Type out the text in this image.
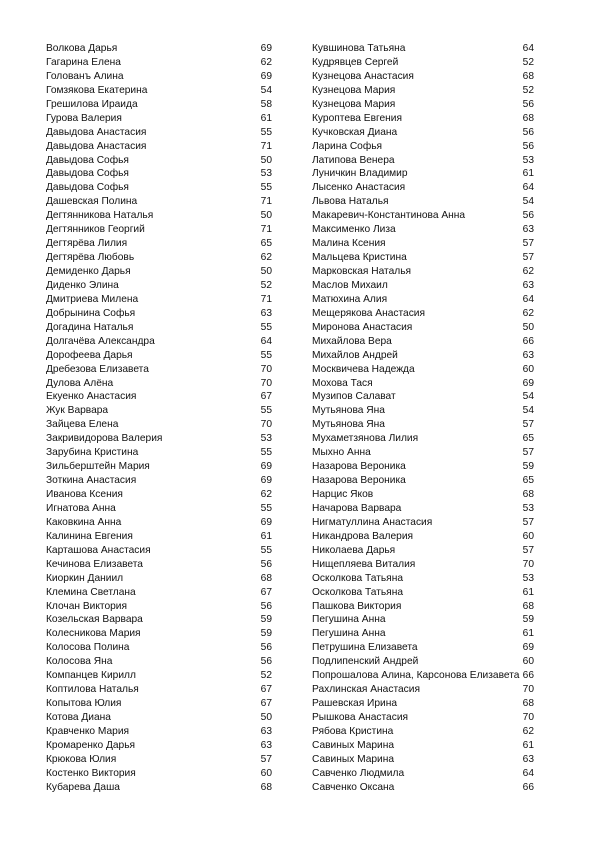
Волкова Дарья	69
Гагарина Елена	62
Голованъ Алина	69
Гомзякова Екатерина	54
Грешилова Ираида	58
Гурова Валерия	61
Давыдова Анастасия	55
Давыдова Анастасия	71
Давыдова Софья	50
Давыдова Софья	53
Давыдова Софья	55
Дашевская Полина	71
Дегтянникова Наталья	50
Дегтянников Георгий	71
Дегтярёва Лилия	65
Дегтярёва Любовь	62
Демиденко Дарья	50
Диденко Элина	52
Дмитриева Милена	71
Добрынина Софья	63
Догадина Наталья	55
Долгачёва Александра	64
Дорофеева Дарья	55
Дребезова Елизавета	70
Дулова Алёна	70
Екуенко Анастасия	67
Жук Варвара	55
Зайцева Елена	70
Закривидорова Валерия	53
Зарубина Кристина	55
Зильберштейн Мария	69
Зоткина Анастасия	69
Иванова Ксения	62
Игнатова Анна	55
Каковкина Анна	69
Калинина Евгения	61
Карташова Анастасия	55
Кечинова Елизавета	56
Киоркин Даниил	68
Клемина Светлана	67
Клочан Виктория	56
Козельская Варвара	59
Колесникова Мария	59
Колосова Полина	56
Колосова Яна	56
Компанцев Кирилл	52
Коптилова Наталья	67
Копытова Юлия	67
Котова Диана	50
Кравченко Мария	63
Кромаренко Дарья	63
Крюкова Юлия	57
Костенко Виктория	60
Кубарева Даша	68
Кувшинова Татьяна	64
Кудрявцев Сергей	52
Кузнецова Анастасия	68
Кузнецова Мария	52
Кузнецова Мария	56
Куроптева Евгения	68
Кучковская Диана	56
Ларина Софья	56
Латипова Венера	53
Луничкин Владимир	61
Лысенко Анастасия	64
Львова Наталья	54
Макаревич-Константинова Анна	56
Максименко Лиза	63
Малина Ксения	57
Мальцева Кристина	57
Марковская Наталья	62
Маслов Михаил	63
Матюхина Алия	64
Мещерякова Анастасия	62
Миронова Анастасия	50
Михайлова Вера	66
Михайлов Андрей	63
Москвичева Надежда	60
Мохова Тася	69
Музипов Салават	54
Мутьянова Яна	54
Мутьянова Яна	57
Мухаметзянова Лилия	65
Мыхно Анна	57
Назарова Вероника	59
Назарова Вероника	65
Нарцис Яков	68
Начарова Варвара	53
Нигматуллина Анастасия	57
Никандрова Валерия	60
Николаева Дарья	57
Нищепляева Виталия	70
Осколкова Татьяна	53
Осколкова Татьяна	61
Пашкова Виктория	68
Пегушина Анна	59
Пегушина Анна	61
Петрушина Елизавета	69
Подлипенский Андрей	60
Попрошалова Алина, Карсонова Елизавета 66
Рахлинская Анастасия	70
Рашевская Ирина	68
Рышкова Анастасия	70
Рябова Кристина	62
Савиных Марина	61
Савиных Марина	63
Савченко Людмила	64
Савченко Оксана	66
